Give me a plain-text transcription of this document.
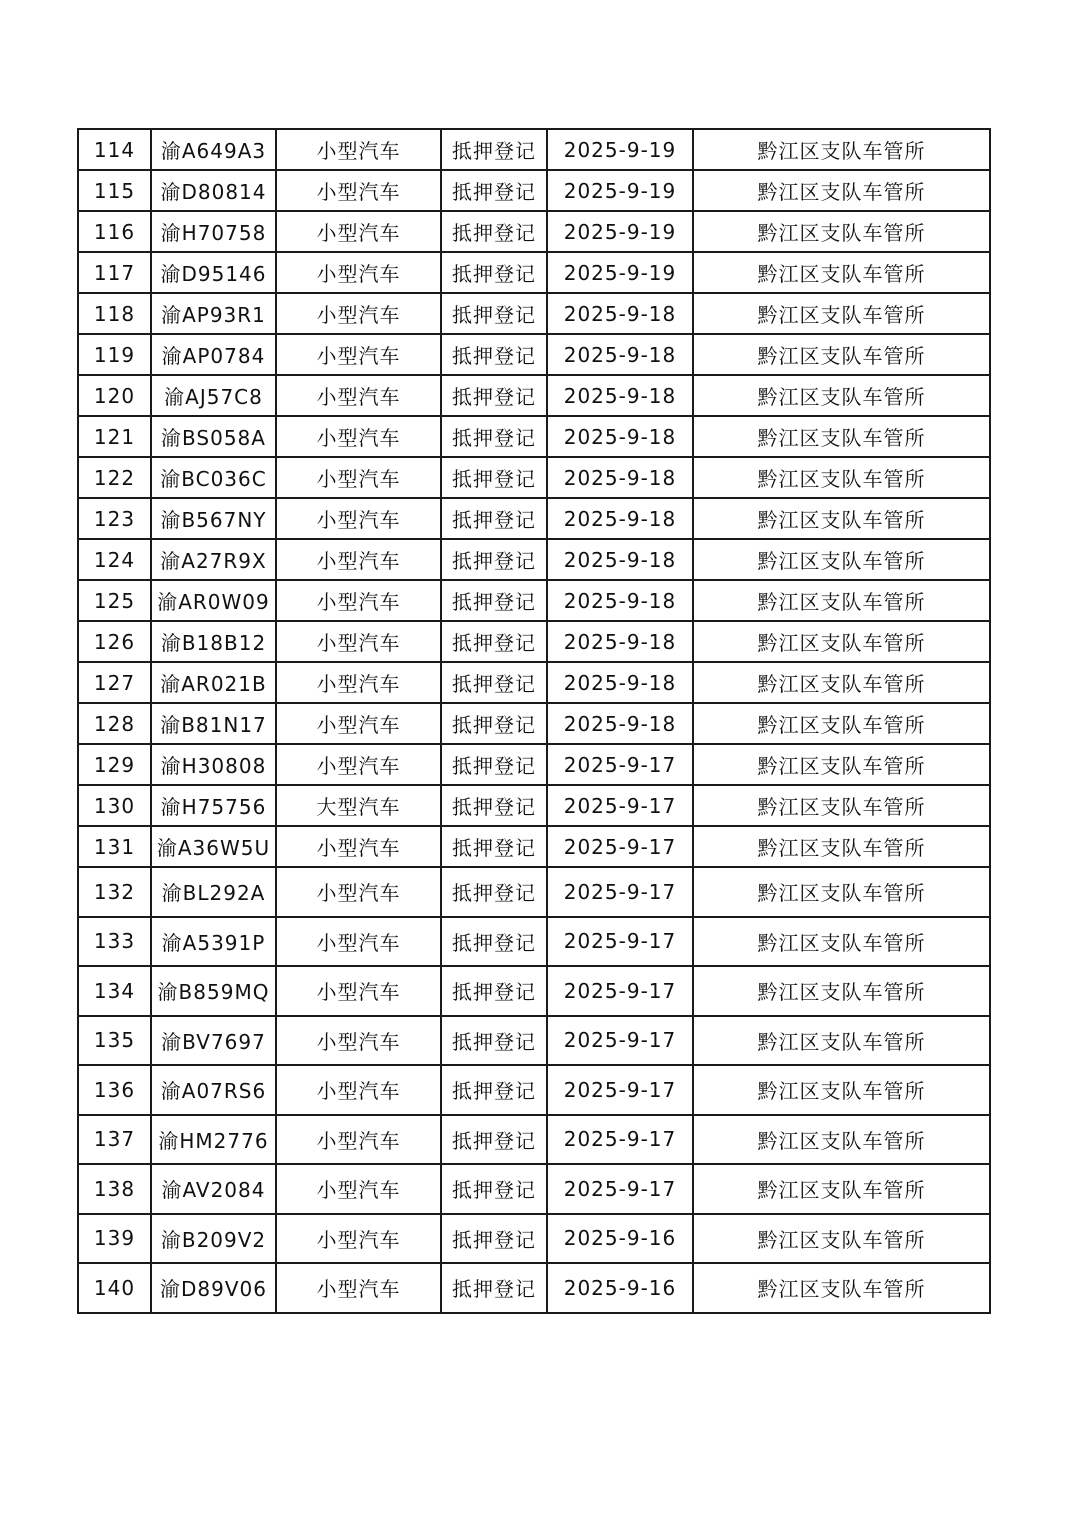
114	渝A649A3	小型汽车	抵押登记	2025-9-19	黔江区支队车管所
115	渝D80814	小型汽车	抵押登记	2025-9-19	黔江区支队车管所
116	渝H70758	小型汽车	抵押登记	2025-9-19	黔江区支队车管所
117	渝D95146	小型汽车	抵押登记	2025-9-19	黔江区支队车管所
118	渝AP93R1	小型汽车	抵押登记	2025-9-18	黔江区支队车管所
119	渝AP0784	小型汽车	抵押登记	2025-9-18	黔江区支队车管所
120	渝AJ57C8	小型汽车	抵押登记	2025-9-18	黔江区支队车管所
121	渝BS058A	小型汽车	抵押登记	2025-9-18	黔江区支队车管所
122	渝BC036C	小型汽车	抵押登记	2025-9-18	黔江区支队车管所
123	渝B567NY	小型汽车	抵押登记	2025-9-18	黔江区支队车管所
124	渝A27R9X	小型汽车	抵押登记	2025-9-18	黔江区支队车管所
125	渝AR0W09	小型汽车	抵押登记	2025-9-18	黔江区支队车管所
126	渝B18B12	小型汽车	抵押登记	2025-9-18	黔江区支队车管所
127	渝AR021B	小型汽车	抵押登记	2025-9-18	黔江区支队车管所
128	渝B81N17	小型汽车	抵押登记	2025-9-18	黔江区支队车管所
129	渝H30808	小型汽车	抵押登记	2025-9-17	黔江区支队车管所
130	渝H75756	大型汽车	抵押登记	2025-9-17	黔江区支队车管所
131	渝A36W5U	小型汽车	抵押登记	2025-9-17	黔江区支队车管所
132	渝BL292A	小型汽车	抵押登记	2025-9-17	黔江区支队车管所
133	渝A5391P	小型汽车	抵押登记	2025-9-17	黔江区支队车管所
134	渝B859MQ	小型汽车	抵押登记	2025-9-17	黔江区支队车管所
135	渝BV7697	小型汽车	抵押登记	2025-9-17	黔江区支队车管所
136	渝A07RS6	小型汽车	抵押登记	2025-9-17	黔江区支队车管所
137	渝HM2776	小型汽车	抵押登记	2025-9-17	黔江区支队车管所
138	渝AV2084	小型汽车	抵押登记	2025-9-17	黔江区支队车管所
139	渝B209V2	小型汽车	抵押登记	2025-9-16	黔江区支队车管所
140	渝D89V06	小型汽车	抵押登记	2025-9-16	黔江区支队车管所
